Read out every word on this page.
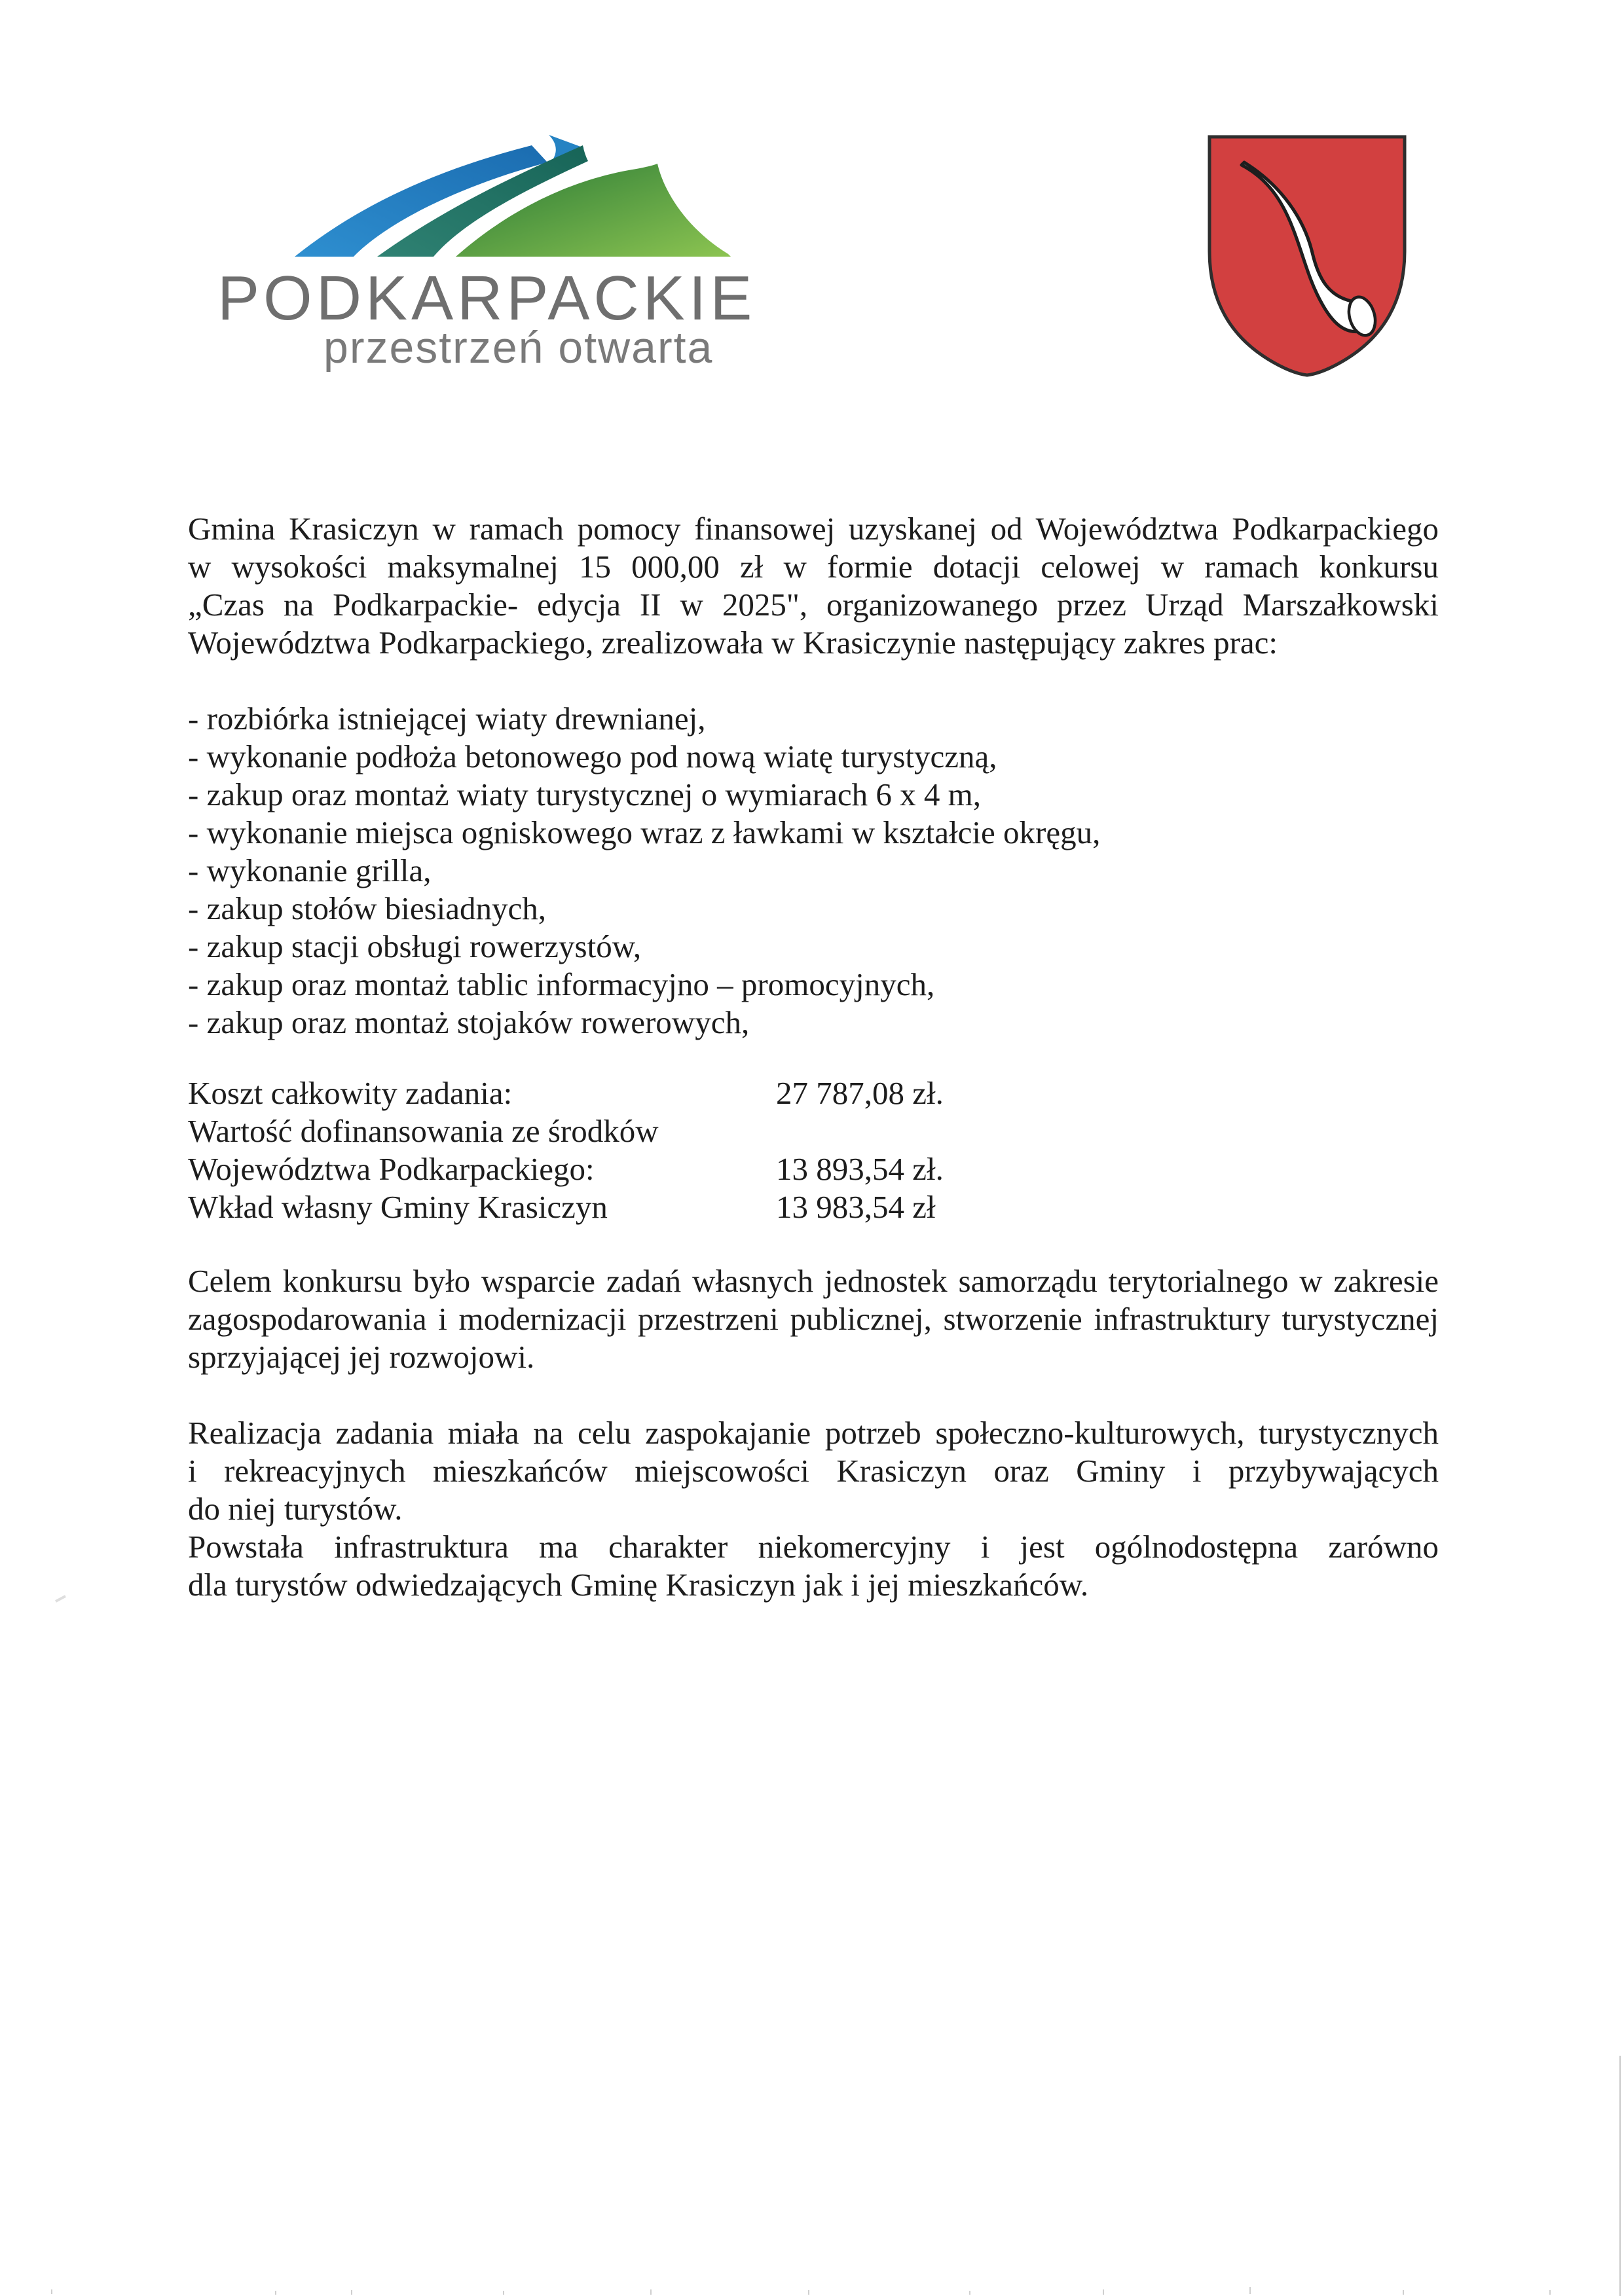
PODKARPACKIE
przestrzeń otwarta
Gmina Krasiczyn w ramach pomocy finansowej uzyskanej od Województwa Podkarpackiego
w wysokości maksymalnej 15 000,00 zł w formie dotacji celowej w ramach konkursu
„Czas na Podkarpackie- edycja II w 2025", organizowanego przez Urząd Marszałkowski
Województwa Podkarpackiego, zrealizowała w Krasiczynie następujący zakres prac:
- rozbiórka istniejącej wiaty drewnianej,
- wykonanie podłoża betonowego pod nową wiatę turystyczną,
- zakup oraz montaż wiaty turystycznej o wymiarach 6 x 4 m,
- wykonanie miejsca ogniskowego wraz z ławkami w kształcie okręgu,
- wykonanie grilla,
- zakup stołów biesiadnych,
- zakup stacji obsługi rowerzystów,
- zakup oraz montaż tablic informacyjno – promocyjnych,
- zakup oraz montaż stojaków rowerowych,
Koszt całkowity zadania:	27 787,08 zł.
Wartość dofinansowania ze środków
Województwa Podkarpackiego:	13 893,54 zł.
Wkład własny Gminy Krasiczyn	13 983,54 zł
Celem konkursu było wsparcie zadań własnych jednostek samorządu terytorialnego w zakresie
zagospodarowania i modernizacji przestrzeni publicznej, stworzenie infrastruktury turystycznej
sprzyjającej jej rozwojowi.
Realizacja zadania miała na celu zaspokajanie potrzeb społeczno-kulturowych, turystycznych
i rekreacyjnych mieszkańców miejscowości Krasiczyn oraz Gminy i przybywających
do niej turystów.
Powstała infrastruktura ma charakter niekomercyjny i jest ogólnodostępna zarówno
dla turystów odwiedzających Gminę Krasiczyn jak i jej mieszkańców.
